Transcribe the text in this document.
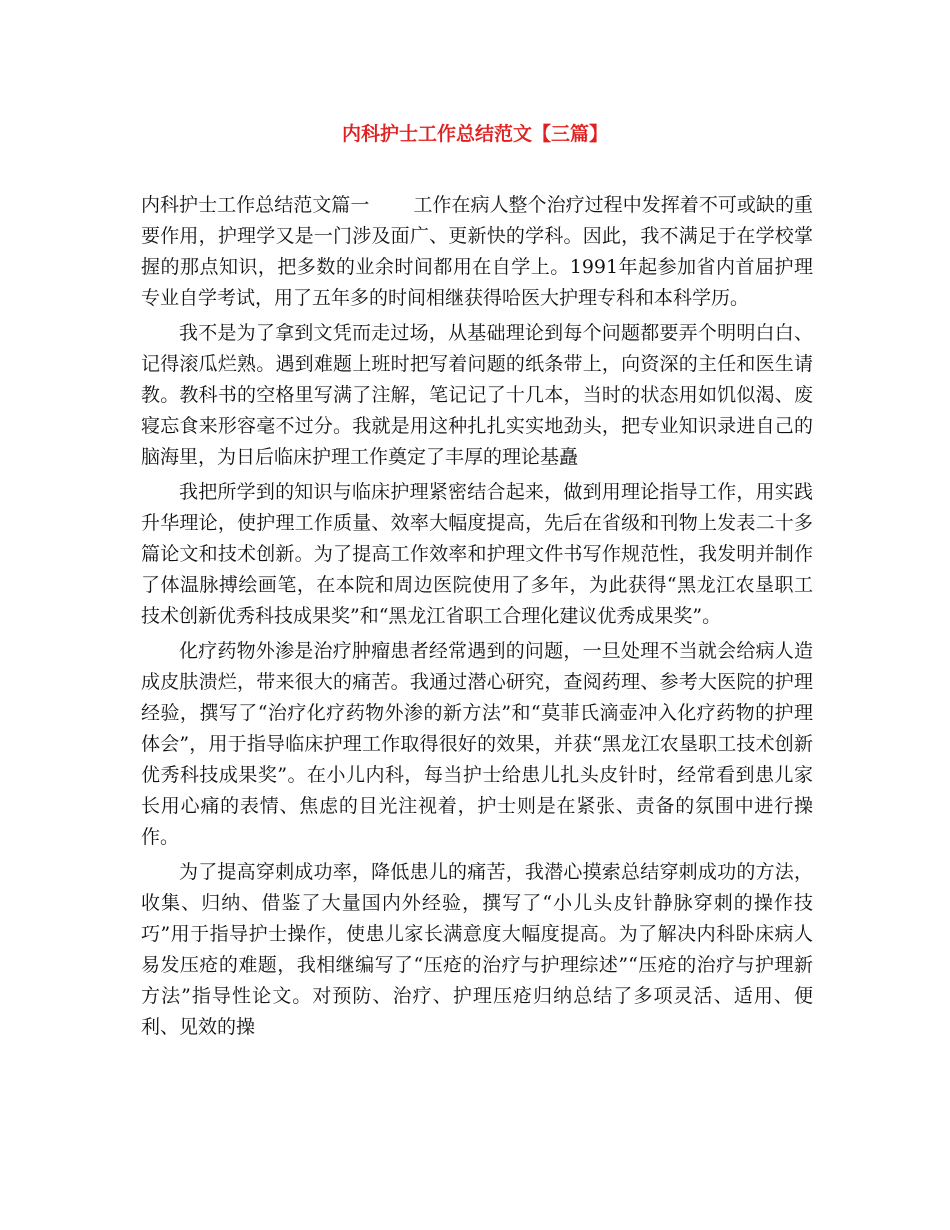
内科护士工作总结范文【三篇】

内科护士工作总结范文篇一 工作在病人整个治疗过程中发挥着不可或缺的重要作用，护理学又是一门涉及面广、更新快的学科。因此，我不满足于在学校掌握的那点知识，把多数的业余时间都用在自学上。1991年起参加省内首届护理专业自学考试，用了五年多的时间相继获得哈医大护理专科和本科学历。

我不是为了拿到文凭而走过场，从基础理论到每个问题都要弄个明明白白、记得滚瓜烂熟。遇到难题上班时把写着问题的纸条带上，向资深的主任和医生请教。教科书的空格里写满了注解，笔记记了十几本，当时的状态用如饥似渴、废寝忘食来形容毫不过分。我就是用这种扎扎实实地劲头，把专业知识录进自己的脑海里，为日后临床护理工作奠定了丰厚的理论基矗

我把所学到的知识与临床护理紧密结合起来，做到用理论指导工作，用实践升华理论，使护理工作质量、效率大幅度提高，先后在省级和刊物上发表二十多篇论文和技术创新。为了提高工作效率和护理文件书写作规范性，我发明并制作了体温脉搏绘画笔，在本院和周边医院使用了多年，为此获得“黑龙江农垦职工技术创新优秀科技成果奖”和“黑龙江省职工合理化建议优秀成果奖”。

化疗药物外渗是治疗肿瘤患者经常遇到的问题，一旦处理不当就会给病人造成皮肤溃烂，带来很大的痛苦。我通过潜心研究，查阅药理、参考大医院的护理经验，撰写了“治疗化疗药物外渗的新方法”和“莫菲氏滴壶冲入化疗药物的护理体会”，用于指导临床护理工作取得很好的效果，并获“黑龙江农垦职工技术创新优秀科技成果奖”。在小儿内科，每当护士给患儿扎头皮针时，经常看到患儿家长用心痛的表情、焦虑的目光注视着，护士则是在紧张、责备的氛围中进行操作。

为了提高穿刺成功率，降低患儿的痛苦，我潜心摸索总结穿刺成功的方法，收集、归纳、借鉴了大量国内外经验，撰写了“小儿头皮针静脉穿刺的操作技巧”用于指导护士操作，使患儿家长满意度大幅度提高。为了解决内科卧床病人易发压疮的难题，我相继编写了“压疮的治疗与护理综述”“压疮的治疗与护理新方法”指导性论文。对预防、治疗、护理压疮归纳总结了多项灵活、适用、便利、见效的操
